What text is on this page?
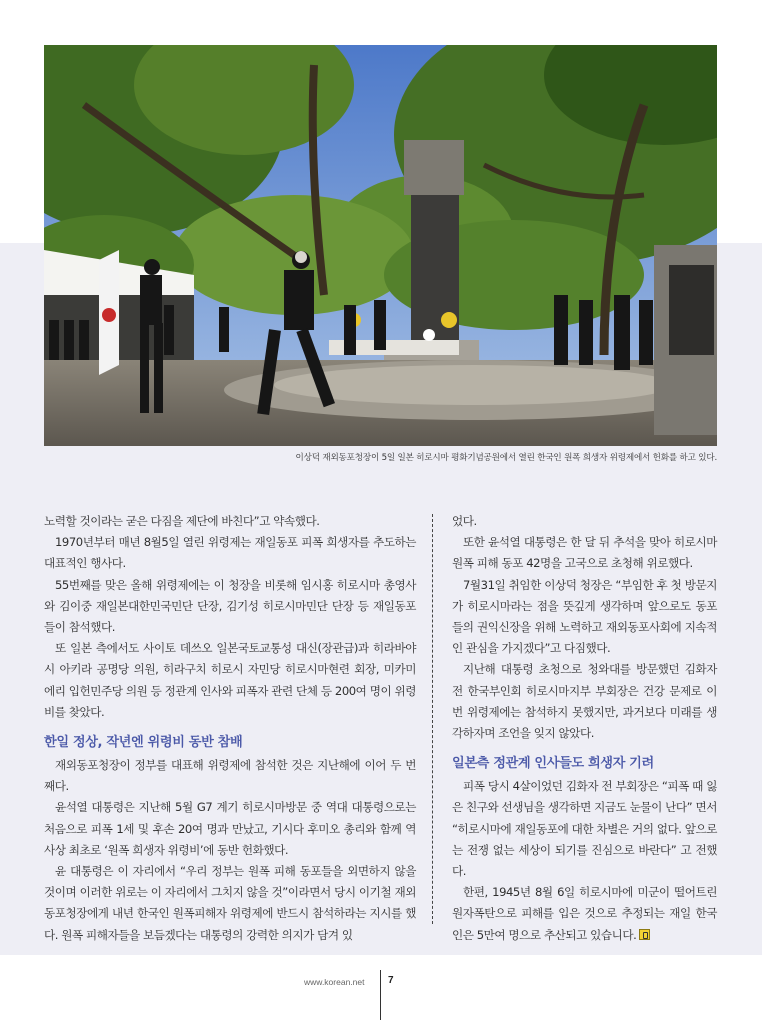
이상덕 재외동포청장이 5일 일본 히로시마 평화기념공원에서 열린 한국인 원폭 희생자 위령제에서 헌화를 하고 있다.

노력할 것이라는 굳은 다짐을 제단에 바친다”고 약속했다.

1970년부터 매년 8월5일 열린 위령제는 재일동포 피폭 희생자를 추도하는 대표적인 행사다.

55번째를 맞은 올해 위령제에는 이 청장을 비롯해 임시홍 히로시마 총영사와 김이중 재일본대한민국민단 단장, 김기성 히로시마민단 단장 등 재일동포들이 참석했다.

또 일본 측에서도 사이토 데쓰오 일본국토교통성 대신(장관급)과 히라바야시 아키라 공명당 의원, 히라구치 히로시 자민당 히로시마현련 회장, 미카미 에리 입헌민주당 의원 등 정관계 인사와 피폭자 관련 단체 등 200여 명이 위령비를 찾았다.

한일 정상, 작년엔 위령비 동반 참배

재외동포청장이 정부를 대표해 위령제에 참석한 것은 지난해에 이어 두 번째다.

윤석열 대통령은 지난해 5월 G7 계기 히로시마방문 중 역대 대통령으로는 처음으로 피폭 1세 및 후손 20여 명과 만났고, 기시다 후미오 총리와 함께 역사상 최초로 ‘원폭 희생자 위령비’에 동반 헌화했다.

윤 대통령은 이 자리에서 “우리 정부는 원폭 피해 동포들을 외면하지 않을 것이며 이러한 위로는 이 자리에서 그치지 않을 것”이라면서 당시 이기철 재외동포청장에게 내년 한국인 원폭피해자 위령제에 반드시 참석하라는 지시를 했다. 원폭 피해자들을 보듬겠다는 대통령의 강력한 의지가 담겨 있

었다.

또한 윤석열 대통령은 한 달 뒤 추석을 맞아 히로시마 원폭 피해 동포 42명을 고국으로 초청해 위로했다.

7월31일 취임한 이상덕 청장은 “부임한 후 첫 방문지가 히로시마라는 점을 뜻깊게 생각하며 앞으로도 동포들의 권익신장을 위해 노력하고 재외동포사회에 지속적인 관심을 가지겠다”고 다짐했다.

지난해 대통령 초청으로 청와대를 방문했던 김화자 전 한국부인회 히로시마지부 부회장은 건강 문제로 이번 위령제에는 참석하지 못했지만, 과거보다 미래를 생각하자며 조언을 잊지 않았다.

일본측 정관계 인사들도 희생자 기려

피폭 당시 4살이었던 김화자 전 부회장은 “피폭 때 잃은 친구와 선생님을 생각하면 지금도 눈물이 난다” 면서 “히로시마에 재일동포에 대한 차별은 거의 없다. 앞으로는 전쟁 없는 세상이 되기를 진심으로 바란다” 고 전했다.

한편, 1945년 8월 6일 히로시마에 미군이 떨어트린 원자폭탄으로 피해를 입은 것으로 추정되는 재일 한국인은 5만여 명으로 추산되고 있습니다.

www.korean.net 7
